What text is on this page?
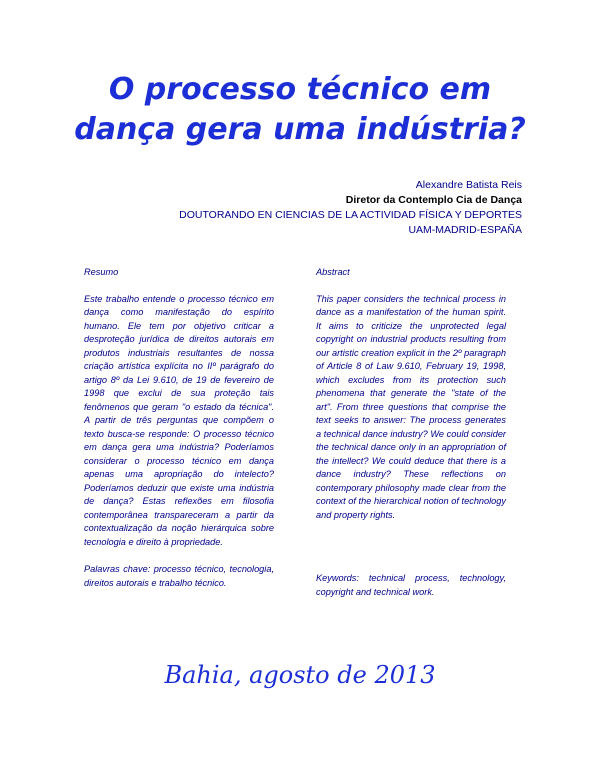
O processo técnico em
dança gera uma indústria?
Alexandre Batista Reis
Diretor da Contemplo Cia de Dança
DOUTORANDO EN CIENCIAS DE LA ACTIVIDAD FÍSICA Y DEPORTES
UAM-MADRID-ESPAÑA
Resumo
Este trabalho entende o processo técnico em dança como manifestação do espírito humano. Ele tem por objetivo criticar a desproteção jurídica de direitos autorais em produtos industriais resultantes de nossa criação artística explícita no IIº parágrafo do artigo 8º da Lei 9.610, de 19 de fevereiro de 1998 que exclui de sua proteção tais fenômenos que geram "o estado da técnica". A partir de três perguntas que compõem o texto busca-se responde: O processo técnico em dança gera uma indústria? Poderíamos considerar o processo técnico em dança apenas uma apropriação do intelecto? Poderíamos deduzir que existe uma indústria de dança? Estas reflexões em filosofia contemporânea transpareceram a partir da contextualização da noção hierárquica sobre tecnologia e direito à propriedade.
Palavras chave: processo técnico, tecnologia, direitos autorais e trabalho técnico.
Abstract
This paper considers the technical process in dance as a manifestation of the human spirit. It aims to criticize the unprotected legal copyright on industrial products resulting from our artistic creation explicit in the 2º paragraph of Article 8 of Law 9.610, February 19, 1998, which excludes from its protection such phenomena that generate the "state of the art". From three questions that comprise the text seeks to answer: The process generates a technical dance industry? We could consider the technical dance only in an appropriation of the intellect? We could deduce that there is a dance industry? These reflections on contemporary philosophy made clear from the context of the hierarchical notion of technology and property rights.
Keywords: technical process, technology, copyright and technical work.
Bahia, agosto de 2013
